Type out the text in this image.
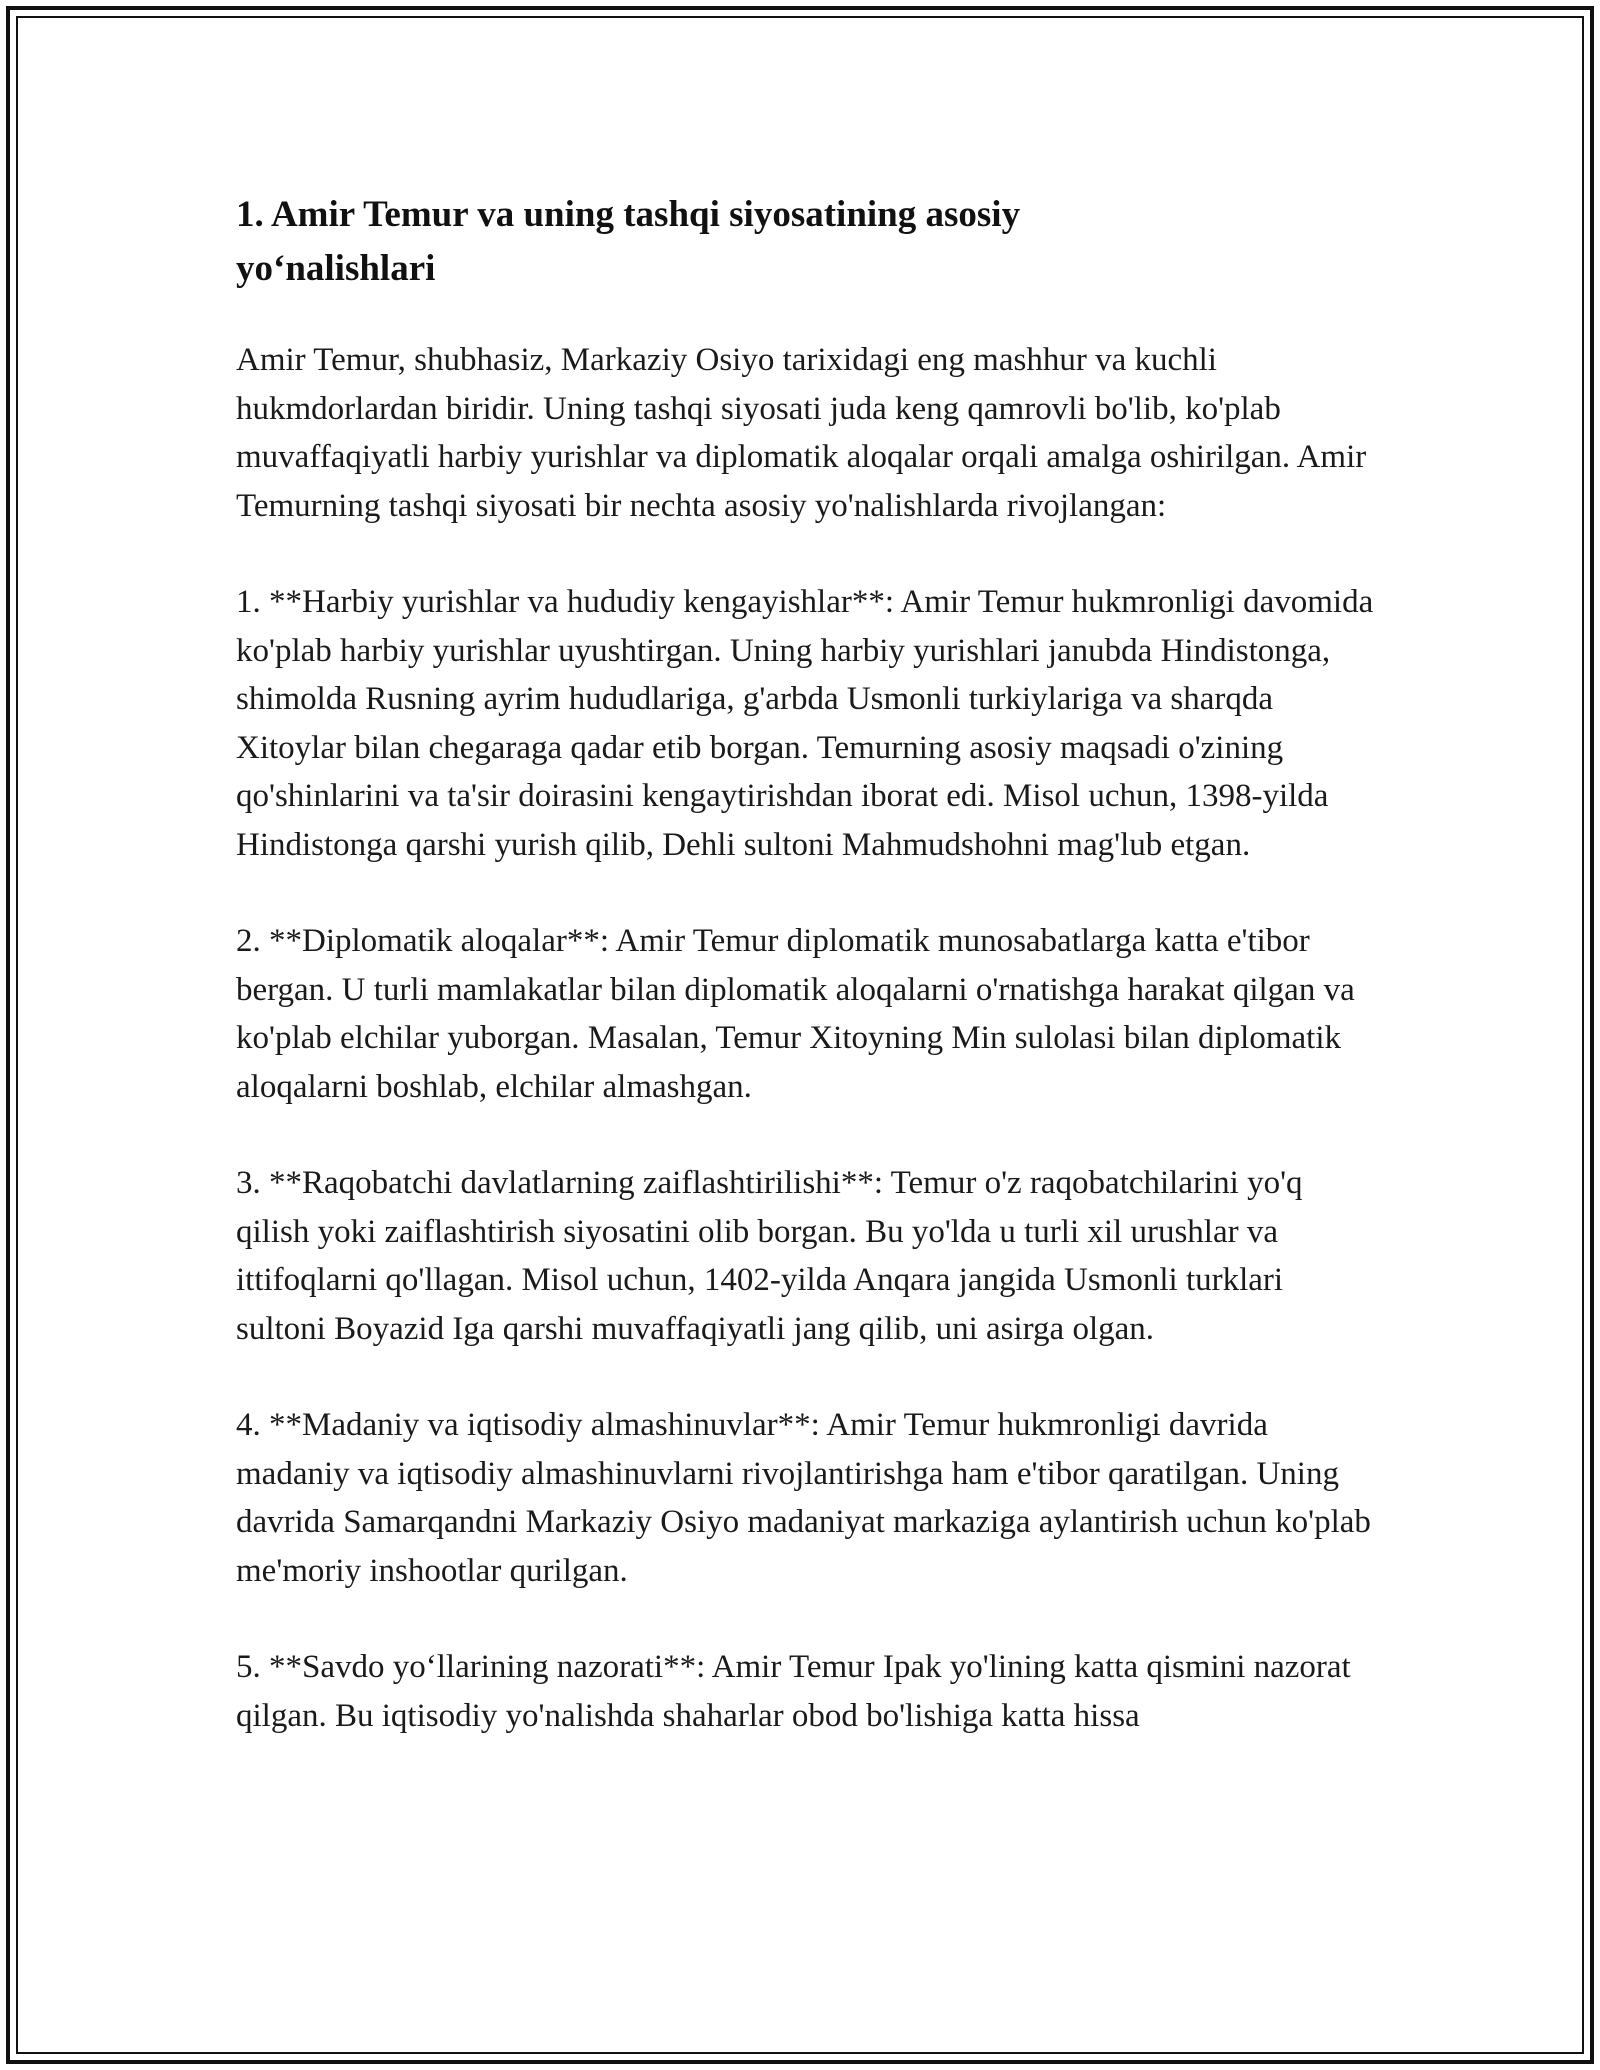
1. Amir Temur va uning tashqi siyosatining asosiy yo‘nalishlari

Amir Temur, shubhasiz, Markaziy Osiyo tarixidagi eng mashhur va kuchli hukmdorlardan biridir. Uning tashqi siyosati juda keng qamrovli bo'lib, ko'plab muvaffaqiyatli harbiy yurishlar va diplomatik aloqalar orqali amalga oshirilgan. Amir Temurning tashqi siyosati bir nechta asosiy yo'nalishlarda rivojlangan:

1. **Harbiy yurishlar va hududiy kengayishlar**: Amir Temur hukmronligi davomida ko'plab harbiy yurishlar uyushtirgan. Uning harbiy yurishlari janubda Hindistonga, shimolda Rusning ayrim hududlariga, g'arbda Usmonli turkiylariga va sharqda Xitoylar bilan chegaraga qadar etib borgan. Temurning asosiy maqsadi o'zining qo'shinlarini va ta'sir doirasini kengaytirishdan iborat edi. Misol uchun, 1398-yilda Hindistonga qarshi yurish qilib, Dehli sultoni Mahmudshohni mag'lub etgan.

2. **Diplomatik aloqalar**: Amir Temur diplomatik munosabatlarga katta e'tibor bergan. U turli mamlakatlar bilan diplomatik aloqalarni o'rnatishga harakat qilgan va ko'plab elchilar yuborgan. Masalan, Temur Xitoyning Min sulolasi bilan diplomatik aloqalarni boshlab, elchilar almashgan.

3. **Raqobatchi davlatlarning zaiflashtirilishi**: Temur o'z raqobatchilarini yo'q qilish yoki zaiflashtirish siyosatini olib borgan. Bu yo'lda u turli xil urushlar va ittifoqlarni qo'llagan. Misol uchun, 1402-yilda Anqara jangida Usmonli turklari sultoni Boyazid Iga qarshi muvaffaqiyatli jang qilib, uni asirga olgan.

4. **Madaniy va iqtisodiy almashinuvlar**: Amir Temur hukmronligi davrida madaniy va iqtisodiy almashinuvlarni rivojlantirishga ham e'tibor qaratilgan. Uning davrida Samarqandni Markaziy Osiyo madaniyat markaziga aylantirish uchun ko'plab me'moriy inshootlar qurilgan.

5. **Savdo yo‘llarining nazorati**: Amir Temur Ipak yo'lining katta qismini nazorat qilgan. Bu iqtisodiy yo'nalishda shaharlar obod bo'lishiga katta hissa
